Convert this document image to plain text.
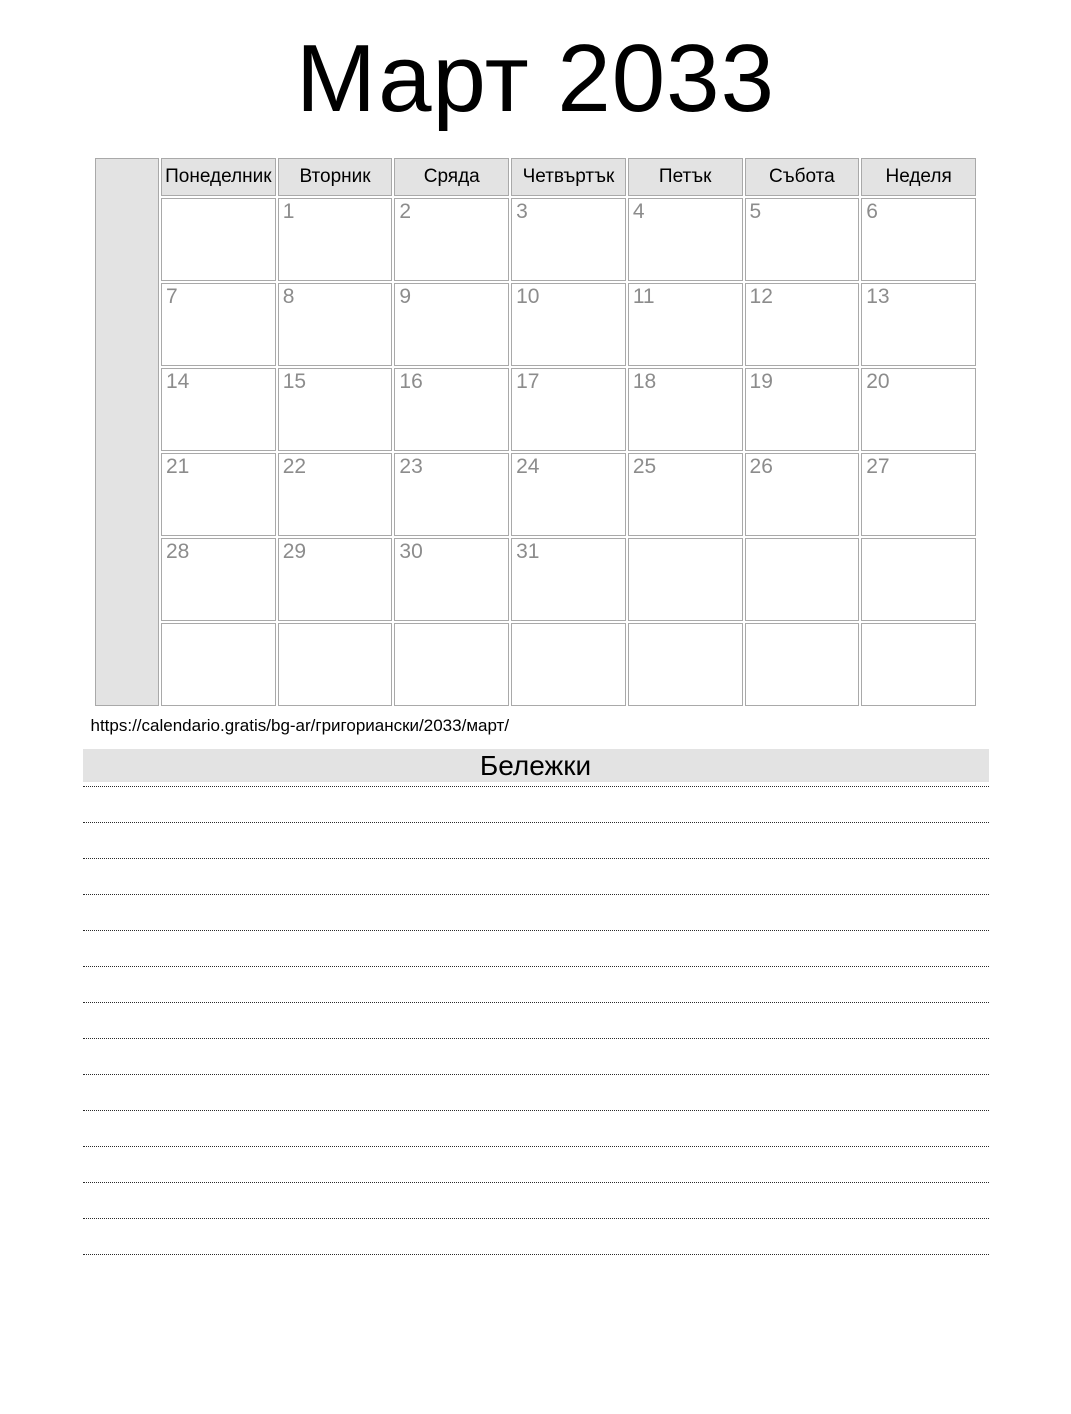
Март 2033
	Понеделник	Вторник	Сряда	Четвъртък	Петък	Събота	Неделя
		1	2	3	4	5	6
	7	8	9	10	11	12	13
	14	15	16	17	18	19	20
	21	22	23	24	25	26	27
	28	29	30	31			

https://calendario.gratis/bg-ar/григориански/2033/март/
Бележки
